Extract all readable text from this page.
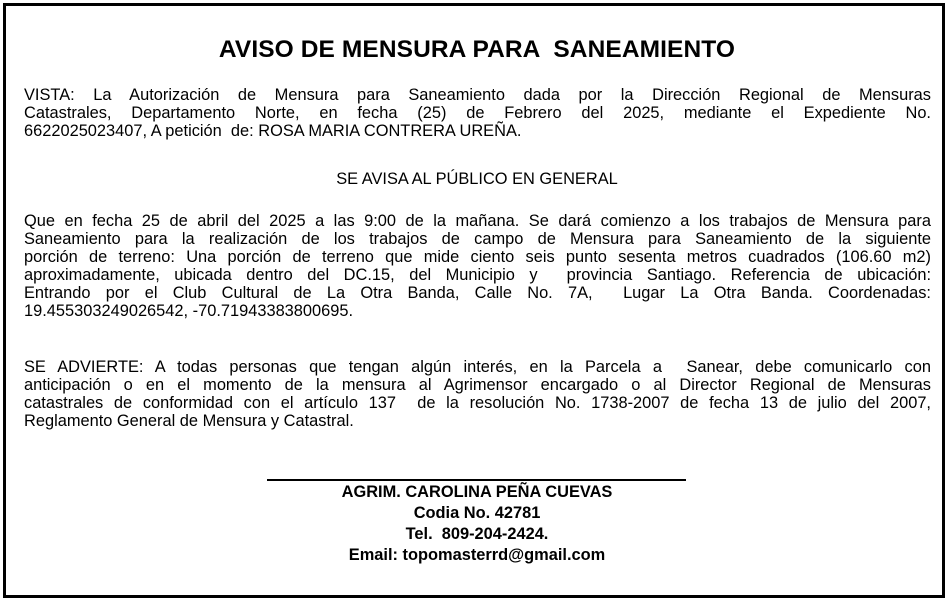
AVISO DE MENSURA PARA  SANEAMIENTO
VISTA: La Autorización de Mensura para Saneamiento dada por la Dirección Regional de Mensuras
Catastrales, Departamento Norte, en fecha (25) de Febrero del 2025, mediante el Expediente No.
6622025023407, A petición  de: ROSA MARIA CONTRERA UREÑA.
SE AVISA AL PÚBLICO EN GENERAL
Que en fecha 25 de abril del 2025 a las 9:00 de la mañana. Se dará comienzo a los trabajos de Mensura para
Saneamiento para la realización de los trabajos de campo de Mensura para Saneamiento de la siguiente
porción de terreno: Una porción de terreno que mide ciento seis punto sesenta metros cuadrados (106.60 m2)
aproximadamente, ubicada dentro del DC.15, del Municipio y  provincia Santiago. Referencia de ubicación:
Entrando por el Club Cultural de La Otra Banda, Calle No. 7A,  Lugar La Otra Banda. Coordenadas:
19.455303249026542, -70.71943383800695.
SE ADVIERTE: A todas personas que tengan algún interés, en la Parcela a  Sanear, debe comunicarlo con
anticipación o en el momento de la mensura al Agrimensor encargado o al Director Regional de Mensuras
catastrales de conformidad con el artículo 137  de la resolución No. 1738-2007 de fecha 13 de julio del 2007,
Reglamento General de Mensura y Catastral.
AGRIM. CAROLINA PEÑA CUEVAS
Codia No. 42781
Tel.  809-204-2424.
Email: topomasterrd@gmail.com
